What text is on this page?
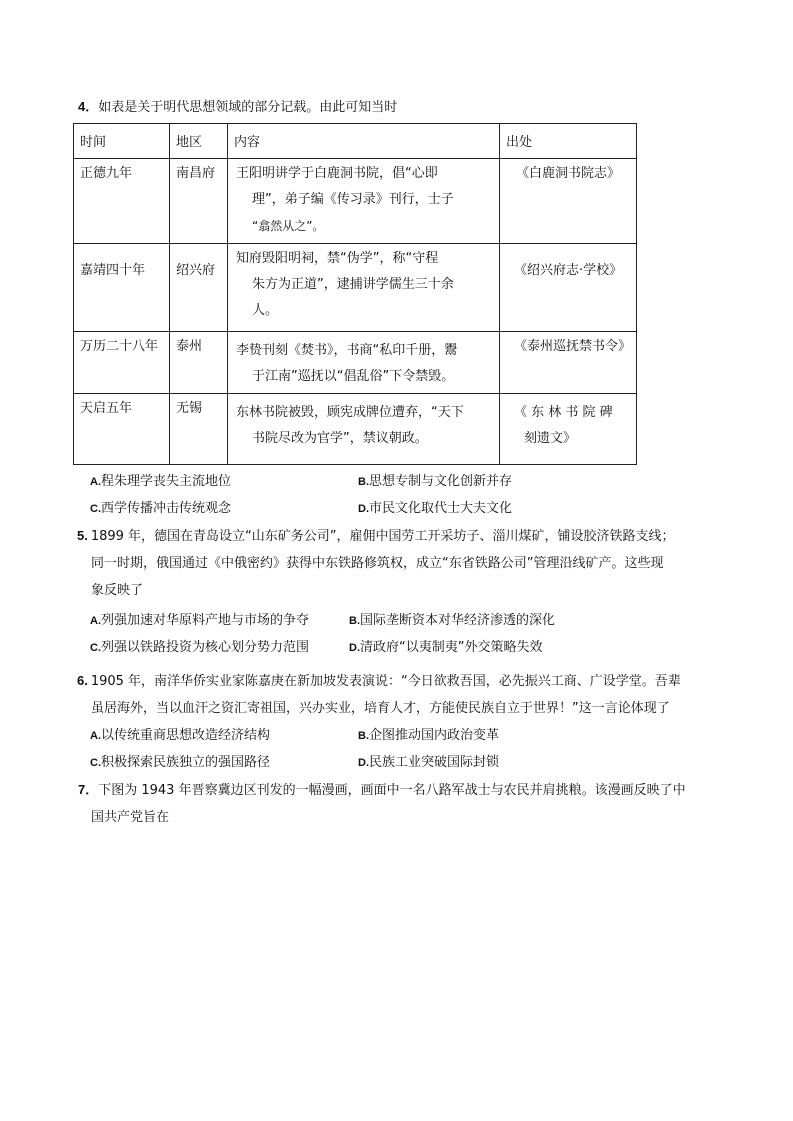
4．如表是关于明代思想领域的部分记载。由此可知当时
时间	地区	内容	出处

正德九年	南昌府	王阳明讲学于白鹿洞书院，倡“心即
理”，弟子编《传习录》刊行，士子
“翕然从之”。	《白鹿洞书院志》

嘉靖四十年	绍兴府	知府毁阳明祠，禁“伪学”，称“守程
朱方为正道”，逮捕讲学儒生三十余
人。	《绍兴府志·学校》

万历二十八年	泰州	李贽刊刻《焚书》，书商“私印千册，鬻
于江南”巡抚以“倡乱俗”下令禁毁。	《泰州巡抚禁书令》

天启五年	无锡	东林书院被毁，顾宪成牌位遭弃，“天下
书院尽改为官学”，禁议朝政。	《 东 林 书 院 碑
刻遗文》
A.程朱理学丧失主流地位	B.思想专制与文化创新并存
C.西学传播冲击传统观念	D.市民文化取代士大夫文化
5. 1899 年，德国在青岛设立“山东矿务公司”，雇佣中国劳工开采坊子、淄川煤矿，铺设胶济铁路支线；
同一时期，俄国通过《中俄密约》获得中东铁路修筑权，成立“东省铁路公司”管理沿线矿产。这些现
象反映了
A.列强加速对华原料产地与市场的争夺	B.国际垄断资本对华经济渗透的深化
C.列强以铁路投资为核心划分势力范围	D.清政府“以夷制夷”外交策略失效
6. 1905 年，南洋华侨实业家陈嘉庚在新加坡发表演说：“今日欲救吾国，必先振兴工商、广设学堂。吾辈
虽居海外，当以血汗之资汇寄祖国，兴办实业，培育人才，方能使民族自立于世界！”这一言论体现了
A.以传统重商思想改造经济结构	B.企图推动国内政治变革
C.积极探索民族独立的强国路径	D.民族工业突破国际封锁
7．下图为 1943 年晋察冀边区刊发的一幅漫画，画面中一名八路军战士与农民并肩挑粮。该漫画反映了中
国共产党旨在
